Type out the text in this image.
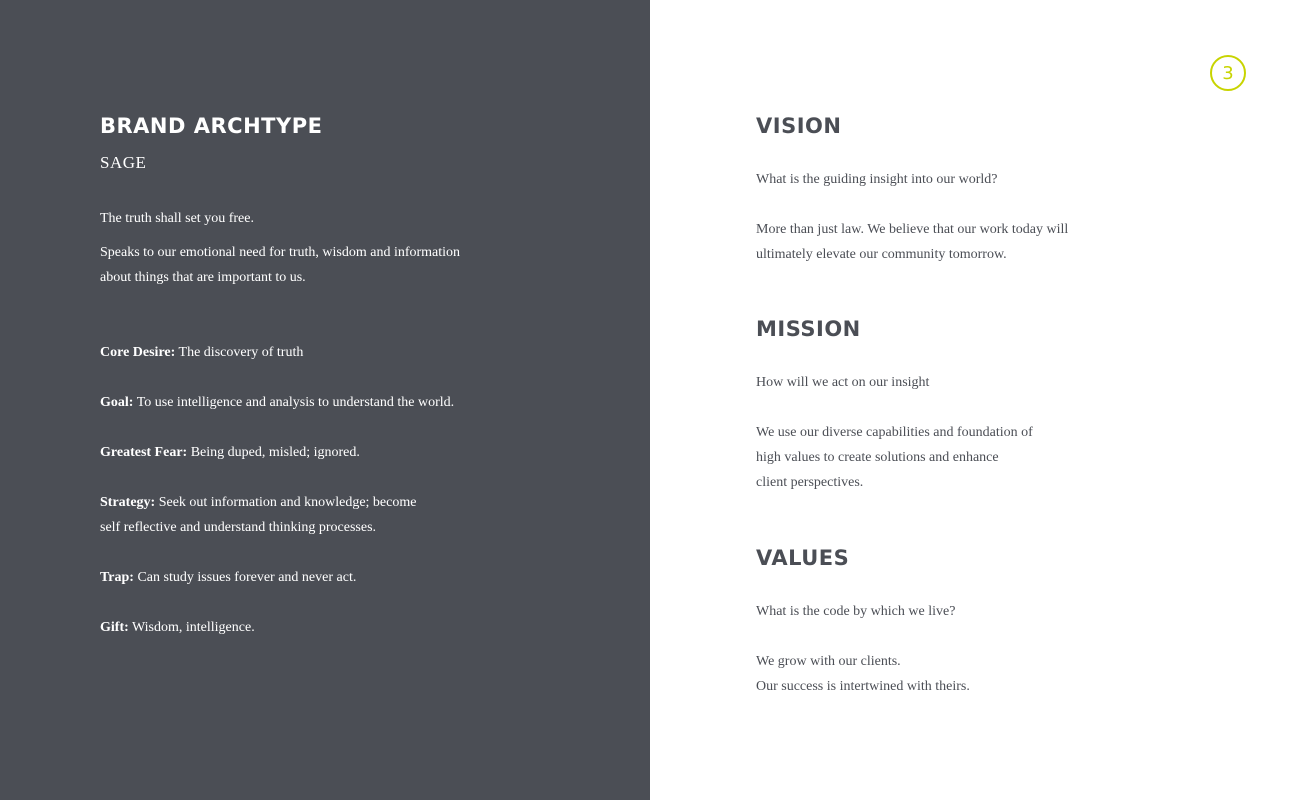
BRAND ARCHTYPE

SAGE

The truth shall set you free.

Speaks to our emotional need for truth, wisdom and information

about things that are important to us.

Core Desire: The discovery of truth

Goal: To use intelligence and analysis to understand the world.

Greatest Fear: Being duped, misled; ignored.

Strategy: Seek out information and knowledge; become

self reflective and understand thinking processes.

Trap: Can study issues forever and never act.

Gift: Wisdom, intelligence.

3
VISION

What is the guiding insight into our world?

More than just law. We believe that our work today will

ultimately elevate our community tomorrow.

MISSION

How will we act on our insight

We use our diverse capabilities and foundation of

high values to create solutions and enhance

client perspectives.

VALUES

What is the code by which we live?

We grow with our clients.

Our success is intertwined with theirs.
